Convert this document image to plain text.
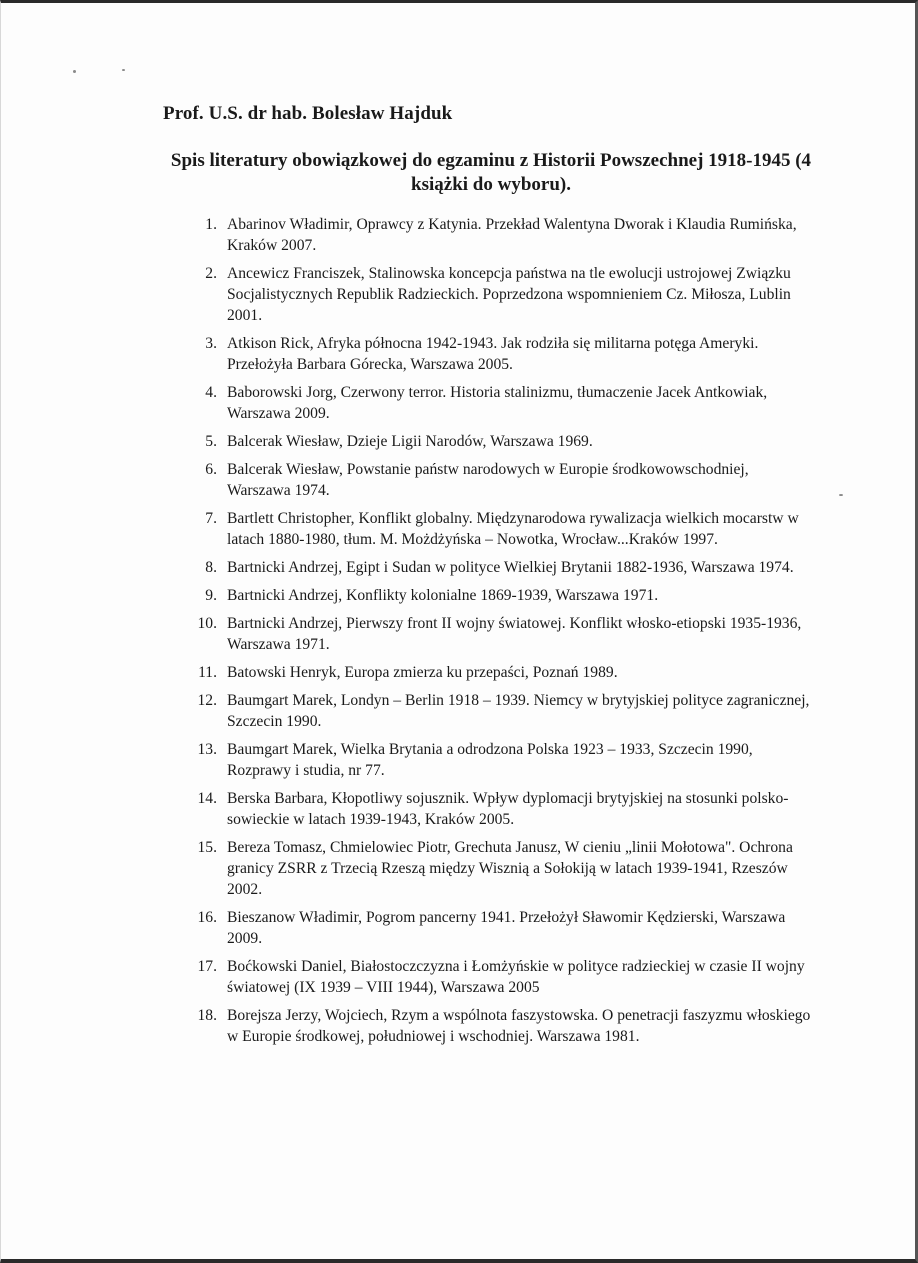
Prof. U.S. dr hab. Bolesław Hajduk
Spis literatury obowiązkowej do egzaminu z Historii Powszechnej 1918-1945 (4 książki do wyboru).
1. Abarinov Władimir, Oprawcy z Katynia. Przekład Walentyna Dworak i Klaudia Rumińska, Kraków 2007.
2. Ancewicz Franciszek, Stalinowska koncepcja państwa na tle ewolucji ustrojowej Związku Socjalistycznych Republik Radzieckich. Poprzedzona wspomnieniem Cz. Miłosza, Lublin 2001.
3. Atkison Rick, Afryka północna 1942-1943. Jak rodziła się militarna potęga Ameryki. Przełożyła Barbara Górecka, Warszawa 2005.
4. Baborowski Jorg, Czerwony terror. Historia stalinizmu, tłumaczenie Jacek Antkowiak, Warszawa 2009.
5. Balcerak Wiesław, Dzieje Ligii Narodów, Warszawa 1969.
6. Balcerak Wiesław, Powstanie państw narodowych w Europie środkowowschodniej, Warszawa 1974.
7. Bartlett Christopher, Konflikt globalny. Międzynarodowa rywalizacja wielkich mocarstw w latach 1880-1980, tłum. M. Możdżyńska – Nowotka, Wrocław...Kraków 1997.
8. Bartnicki Andrzej, Egipt i Sudan w polityce Wielkiej Brytanii 1882-1936, Warszawa 1974.
9. Bartnicki Andrzej, Konflikty kolonialne 1869-1939, Warszawa 1971.
10. Bartnicki Andrzej, Pierwszy front II wojny światowej. Konflikt włosko-etiopski 1935-1936, Warszawa 1971.
11. Batowski Henryk, Europa zmierza ku przepaści, Poznań 1989.
12. Baumgart Marek, Londyn – Berlin 1918 – 1939. Niemcy w brytyjskiej polityce zagranicznej, Szczecin 1990.
13. Baumgart Marek, Wielka Brytania a odrodzona Polska 1923 – 1933, Szczecin 1990, Rozprawy i studia, nr 77.
14. Berska Barbara, Kłopotliwy sojusznik. Wpływ dyplomacji brytyjskiej na stosunki polsko-sowieckie w latach 1939-1943, Kraków 2005.
15. Bereza Tomasz, Chmielowiec Piotr, Grechuta Janusz, W cieniu „linii Mołotowa". Ochrona granicy ZSRR z Trzecią Rzeszą między Wisznią a Sołokiją w latach 1939-1941, Rzeszów 2002.
16. Bieszanow Władimir, Pogrom pancerny 1941. Przełożył Sławomir Kędzierski, Warszawa 2009.
17. Boćkowski Daniel, Białostoczczyzna i Łomżyńskie w polityce radzieckiej w czasie II wojny światowej (IX 1939 – VIII 1944), Warszawa 2005
18. Borejsza Jerzy, Wojciech, Rzym a wspólnota faszystowska. O penetracji faszyzmu włoskiego w Europie środkowej, południowej i wschodniej. Warszawa 1981.
